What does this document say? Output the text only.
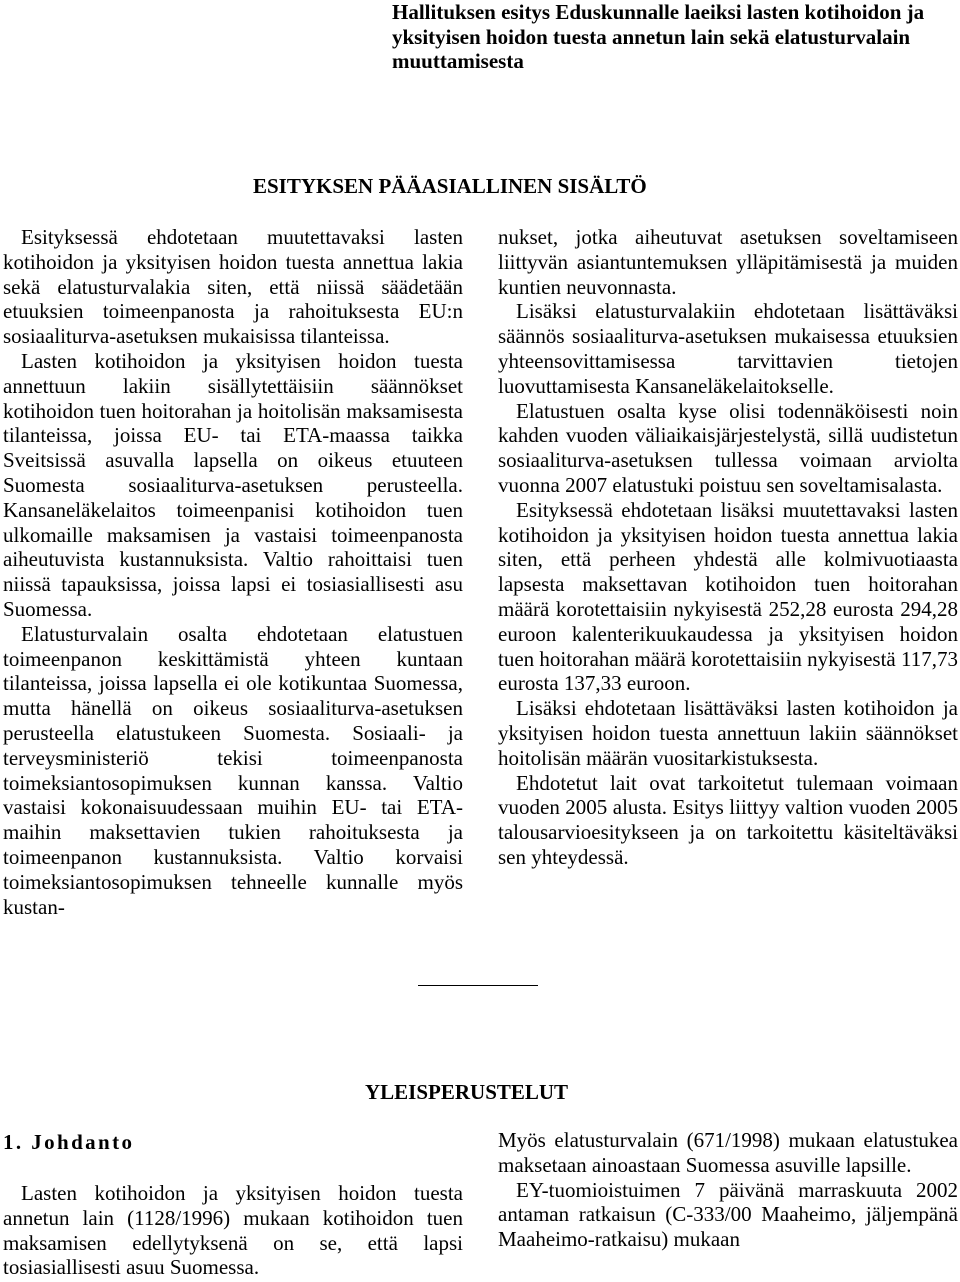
Hallituksen esitys Eduskunnalle laeiksi lasten kotihoidon ja yksityisen hoidon tuesta annetun lain sekä elatusturvalain muuttamisesta
ESITYKSEN PÄÄASIALLINEN SISÄLTÖ

Esityksessä ehdotetaan muutettavaksi lasten kotihoidon ja yksityisen hoidon tuesta annettua lakia sekä elatusturvalakia siten, että niissä säädetään etuuksien toimeenpanosta ja rahoituksesta EU:n sosiaaliturva-asetuksen mukaisissa tilanteissa.

Lasten kotihoidon ja yksityisen hoidon tuesta annettuun lakiin sisällytettäisiin säännökset kotihoidon tuen hoitorahan ja hoitolisän maksamisesta tilanteissa, joissa EU- tai ETA-maassa taikka Sveitsissä asuvalla lapsella on oikeus etuuteen Suomesta sosiaaliturva-asetuksen perusteella. Kansaneläkelaitos toimeenpanisi kotihoidon tuen ulkomaille maksamisen ja vastaisi toimeenpanosta aiheutuvista kustannuksista. Valtio rahoittaisi tuen niissä tapauksissa, joissa lapsi ei tosiasiallisesti asu Suomessa.

Elatusturvalain osalta ehdotetaan elatustuen toimeenpanon keskittämistä yhteen kuntaan tilanteissa, joissa lapsella ei ole kotikuntaa Suomessa, mutta hänellä on oikeus sosiaaliturva-asetuksen perusteella elatustukeen Suomesta. Sosiaali- ja terveysministeriö tekisi toimeenpanosta toimeksiantosopimuksen kunnan kanssa. Valtio vastaisi kokonaisuudessaan muihin EU- tai ETA-maihin maksettavien tukien rahoituksesta ja toimeenpanon kustannuksista. Valtio korvaisi toimeksiantosopimuksen tehneelle kunnalle myös kustan-

nukset, jotka aiheutuvat asetuksen soveltamiseen liittyvän asiantuntemuksen ylläpitämisestä ja muiden kuntien neuvonnasta.

Lisäksi elatusturvalakiin ehdotetaan lisättäväksi säännös sosiaaliturva-asetuksen mukaisessa etuuksien yhteensovittamisessa tarvittavien tietojen luovuttamisesta Kansaneläkelaitokselle.

Elatustuen osalta kyse olisi todennäköisesti noin kahden vuoden väliaikaisjärjestelystä, sillä uudistetun sosiaaliturva-asetuksen tullessa voimaan arviolta vuonna 2007 elatustuki poistuu sen soveltamisalasta.

Esityksessä ehdotetaan lisäksi muutettavaksi lasten kotihoidon ja yksityisen hoidon tuesta annettua lakia siten, että perheen yhdestä alle kolmivuotiaasta lapsesta maksettavan kotihoidon tuen hoitorahan määrä korotettaisiin nykyisestä 252,28 eurosta 294,28 euroon kalenterikuukaudessa ja yksityisen hoidon tuen hoitorahan määrä korotettaisiin nykyisestä 117,73 eurosta 137,33 euroon.

Lisäksi ehdotetaan lisättäväksi lasten kotihoidon ja yksityisen hoidon tuesta annettuun lakiin säännökset hoitolisän määrän vuositarkistuksesta.

Ehdotetut lait ovat tarkoitetut tulemaan voimaan vuoden 2005 alusta. Esitys liittyy valtion vuoden 2005 talousarvioesitykseen ja on tarkoitettu käsiteltäväksi sen yhteydessä.

YLEISPERUSTELUT
1. Johdanto

Lasten kotihoidon ja yksityisen hoidon tuesta annetun lain (1128/1996) mukaan kotihoidon tuen maksamisen edellytyksenä on se, että lapsi tosiasiallisesti asuu Suomessa.

Myös elatusturvalain (671/1998) mukaan elatustukea maksetaan ainoastaan Suomessa asuville lapsille.

EY-tuomioistuimen 7 päivänä marraskuuta 2002 antaman ratkaisun (C-333/00 Maaheimo, jäljempänä Maaheimo-ratkaisu) mukaan
